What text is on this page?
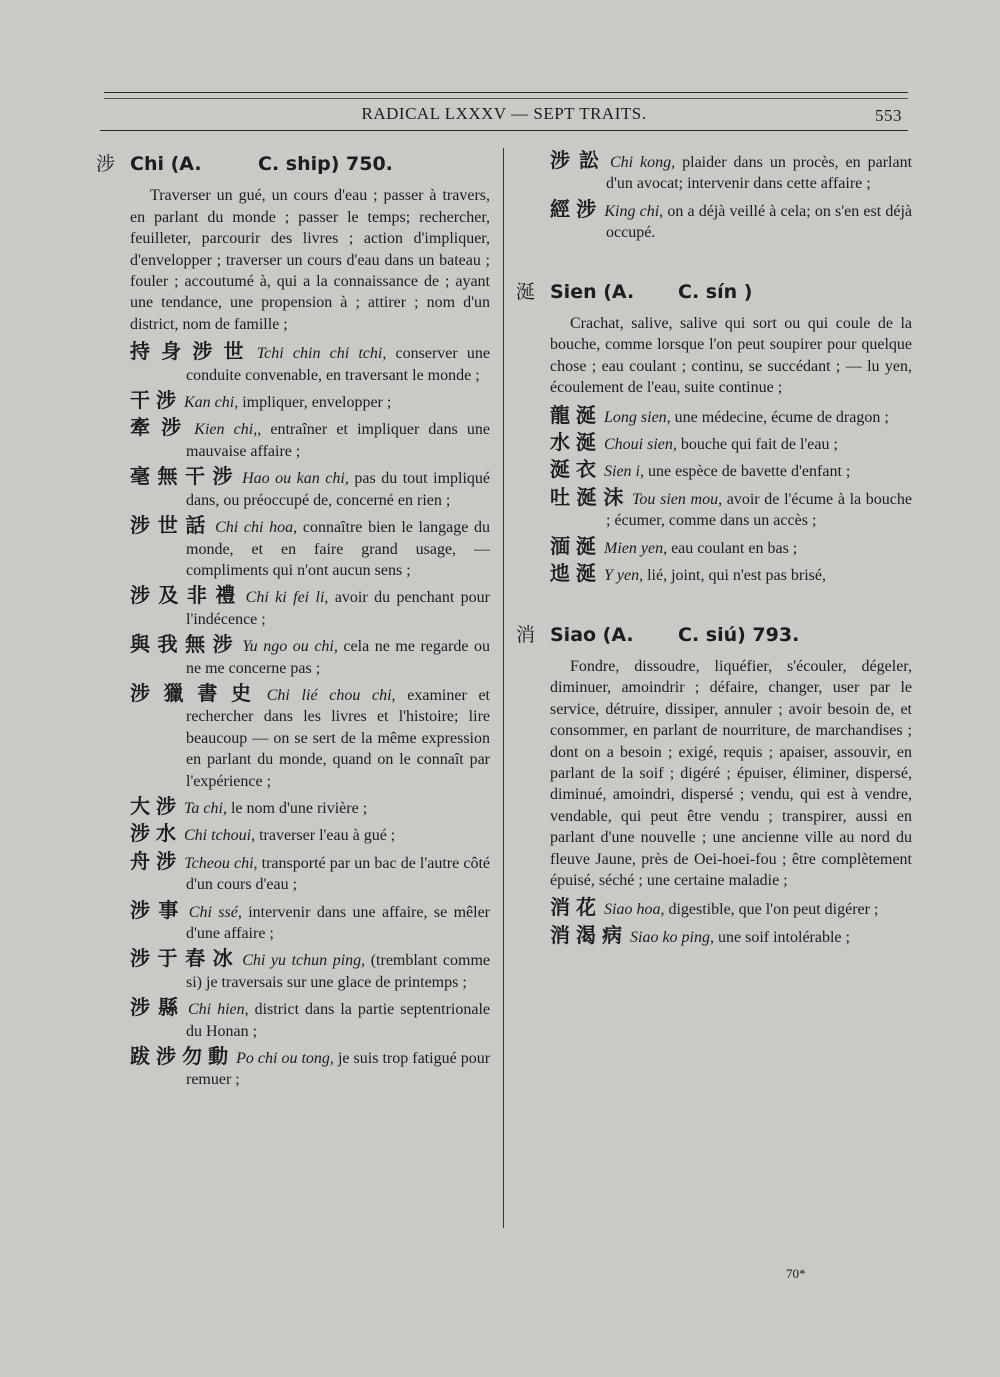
RADICAL LXXXV — SEPT TRAITS.	553
涉 Chi (A.	C. ship) 750.

Traverser un gué, un cours d'eau ; passer à travers, en parlant du monde ; passer le temps; rechercher, feuilleter, parcourir des livres ; action d'impliquer, d'envelopper ; traverser un cours d'eau dans un bateau ; fouler ; accoutumé à, qui a la connaissance de ; ayant une tendance, une propension à ; attirer ; nom d'un district, nom de famille ;

持身涉世 Tchi chin chi tchi, conserver une conduite convenable, en traversant le monde ;

干涉 Kan chi, impliquer, envelopper ;

牽涉 Kien chi,, entraîner et impliquer dans une mauvaise affaire ;

毫無干涉 Hao ou kan chi, pas du tout impliqué dans, ou préoccupé de, concerné en rien ;

涉世話 Chi chi hoa, connaître bien le langage du monde, et en faire grand usage, — compliments qui n'ont aucun sens ;

涉及非禮 Chi ki fei li, avoir du penchant pour l'indécence ;

與我無涉 Yu ngo ou chi, cela ne me regarde ou ne me concerne pas ;

涉獵書史 Chi lié chou chi, examiner et rechercher dans les livres et l'histoire; lire beaucoup — on se sert de la même expression en parlant du monde, quand on le connaît par l'expérience ;

大涉 Ta chi, le nom d'une rivière ;

涉水 Chi tchoui, traverser l'eau à gué ;

舟涉 Tcheou chi, transporté par un bac de l'autre côté d'un cours d'eau ;

涉事 Chi ssé, intervenir dans une affaire, se mêler d'une affaire ;

涉于春冰 Chi yu tchun ping, (tremblant comme si) je traversais sur une glace de printemps ;

涉縣 Chi hien, district dans la partie septentrionale du Honan ;

跋涉勿動 Po chi ou tong, je suis trop fatigué pour remuer ;

涉訟 Chi kong, plaider dans un procès, en parlant d'un avocat; intervenir dans cette affaire ;

經涉 King chi, on a déjà veillé à cela; on s'en est déjà occupé.

涎 Sien (A.	C. sín )

Crachat, salive, salive qui sort ou qui coule de la bouche, comme lorsque l'on peut soupirer pour quelque chose ; eau coulant ; continu, se succédant ; — lu yen, écoulement de l'eau, suite continue ;

龍涎 Long sien, une médecine, écume de dragon ;

水涎 Choui sien, bouche qui fait de l'eau ;

涎衣 Sien i, une espèce de bavette d'enfant ;

吐涎沫 Tou sien mou, avoir de l'écume à la bouche ; écumer, comme dans un accès ;

湎涎 Mien yen, eau coulant en bas ;

迆涎 Y yen, lié, joint, qui n'est pas brisé,

消 Siao (A.	C. siú) 793.

Fondre, dissoudre, liquéfier, s'écouler, dégeler, diminuer, amoindrir ; défaire, changer, user par le service, détruire, dissiper, annuler ; avoir besoin de, et consommer, en parlant de nourriture, de marchandises ; dont on a besoin ; exigé, requis ; apaiser, assouvir, en parlant de la soif ; digéré ; épuiser, éliminer, dispersé, diminué, amoindri, dispersé ; vendu, qui est à vendre, vendable, qui peut être vendu ; transpirer, aussi en parlant d'une nouvelle ; une ancienne ville au nord du fleuve Jaune, près de Oei-hoei-fou ; être complètement épuisé, séché ; une certaine maladie ;

消花 Siao hoa, digestible, que l'on peut digérer ;

消渴病 Siao ko ping, une soif intolérable ;

70*
